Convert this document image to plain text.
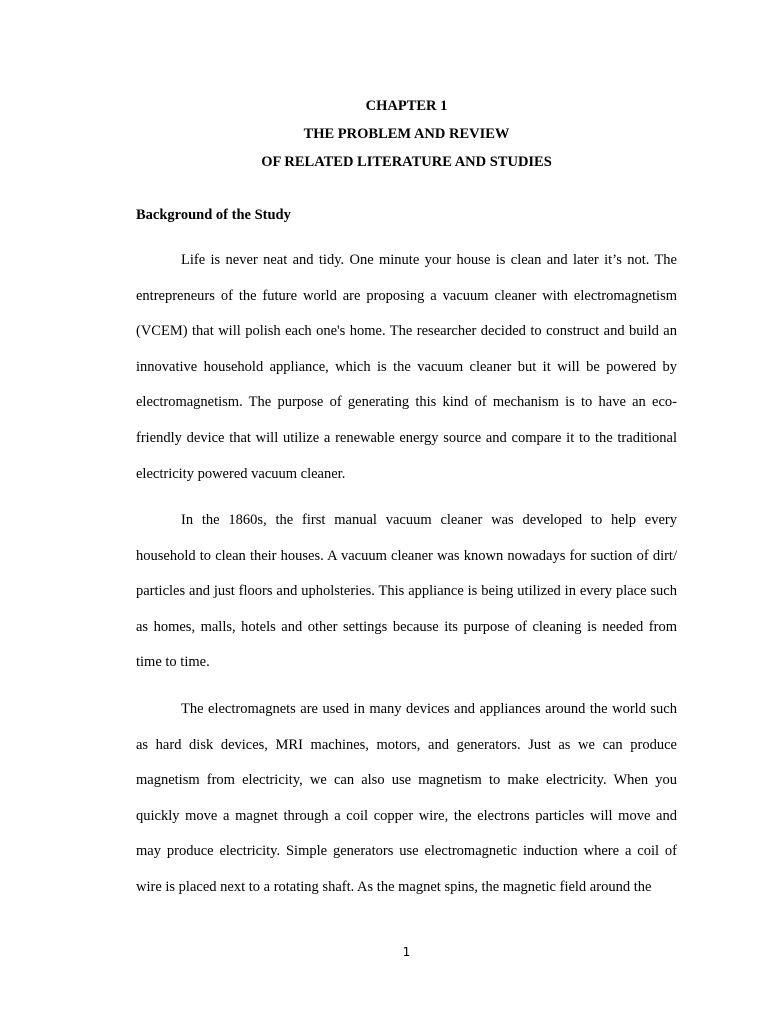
CHAPTER 1
THE PROBLEM AND REVIEW
OF RELATED LITERATURE AND STUDIES
Background of the Study

Life is never neat and tidy. One minute your house is clean and later it’s not. The entrepreneurs of the future world are proposing a vacuum cleaner with electromagnetism (VCEM) that will polish each one's home. The researcher decided to construct and build an innovative household appliance, which is the vacuum cleaner but it will be powered by electromagnetism. The purpose of generating this kind of mechanism is to have an eco-friendly device that will utilize a renewable energy source and compare it to the traditional electricity powered vacuum cleaner.

In the 1860s, the first manual vacuum cleaner was developed to help every household to clean their houses. A vacuum cleaner was known nowadays for suction of dirt/ particles and just floors and upholsteries. This appliance is being utilized in every place such as homes, malls, hotels and other settings because its purpose of cleaning is needed from time to time.

The electromagnets are used in many devices and appliances around the world such as hard disk devices, MRI machines, motors, and generators. Just as we can produce magnetism from electricity, we can also use magnetism to make electricity. When you quickly move a magnet through a coil copper wire, the electrons particles will move and may produce electricity. Simple generators use electromagnetic induction where a coil of wire is placed next to a rotating shaft. As the magnet spins, the magnetic field around the

1
